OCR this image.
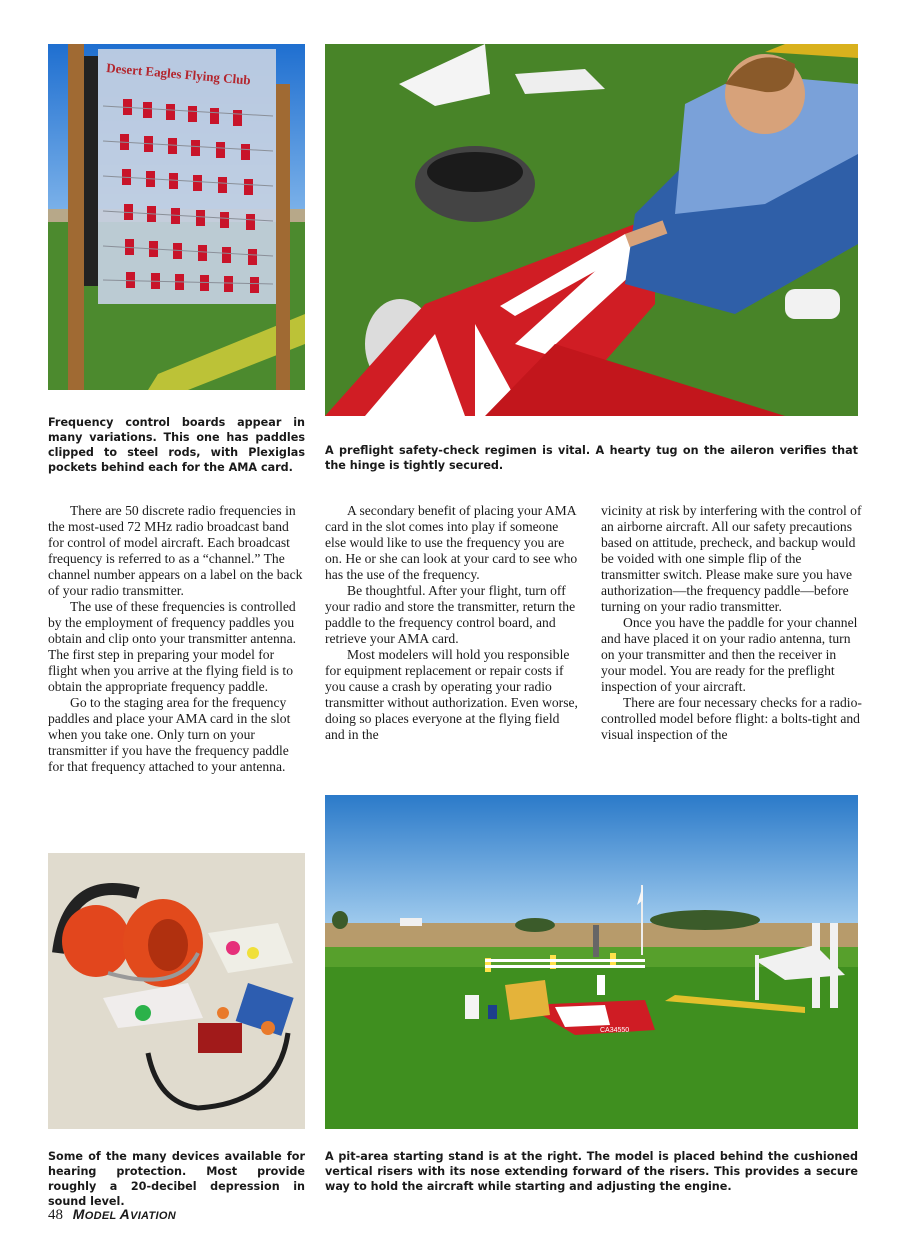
Desert Eagles Flying Club

Frequency control boards appear in many variations. This one has paddles clipped to steel rods, with Plexiglas pockets behind each for the AMA card.

A preflight safety-check regimen is vital. A hearty tug on the aileron verifies that the hinge is tightly secured.

There are 50 discrete radio frequencies in the most-used 72 MHz radio broadcast band for control of model aircraft. Each broadcast frequency is referred to as a “channel.” The channel number appears on a label on the back of your radio transmitter.

The use of these frequencies is controlled by the employment of frequency paddles you obtain and clip onto your transmitter antenna. The first step in preparing your model for flight when you arrive at the flying field is to obtain the appropriate frequency paddle.

Go to the staging area for the frequency paddles and place your AMA card in the slot when you take one. Only turn on your transmitter if you have the frequency paddle for that frequency attached to your antenna.

A secondary benefit of placing your AMA card in the slot comes into play if someone else would like to use the frequency you are on. He or she can look at your card to see who has the use of the frequency.

Be thoughtful. After your flight, turn off your radio and store the transmitter, return the paddle to the frequency control board, and retrieve your AMA card.

Most modelers will hold you responsible for equipment replacement or repair costs if you cause a crash by operating your radio transmitter without authorization. Even worse, doing so places everyone at the flying field and in the

vicinity at risk by interfering with the control of an airborne aircraft. All our safety precautions based on attitude, precheck, and backup would be voided with one simple flip of the transmitter switch. Please make sure you have authorization—the frequency paddle—before turning on your radio transmitter.

Once you have the paddle for your channel and have placed it on your radio antenna, turn on your transmitter and then the receiver in your model. You are ready for the preflight inspection of your aircraft.

There are four necessary checks for a radio-controlled model before flight: a bolts-tight and visual inspection of the

CA34550

Some of the many devices available for hearing protection. Most provide roughly a 20-decibel depression in sound level.

A pit-area starting stand is at the right. The model is placed behind the cushioned vertical risers with its nose extending forward of the risers. This provides a secure way to hold the aircraft while starting and adjusting the engine.

48 MODEL AVIATION
